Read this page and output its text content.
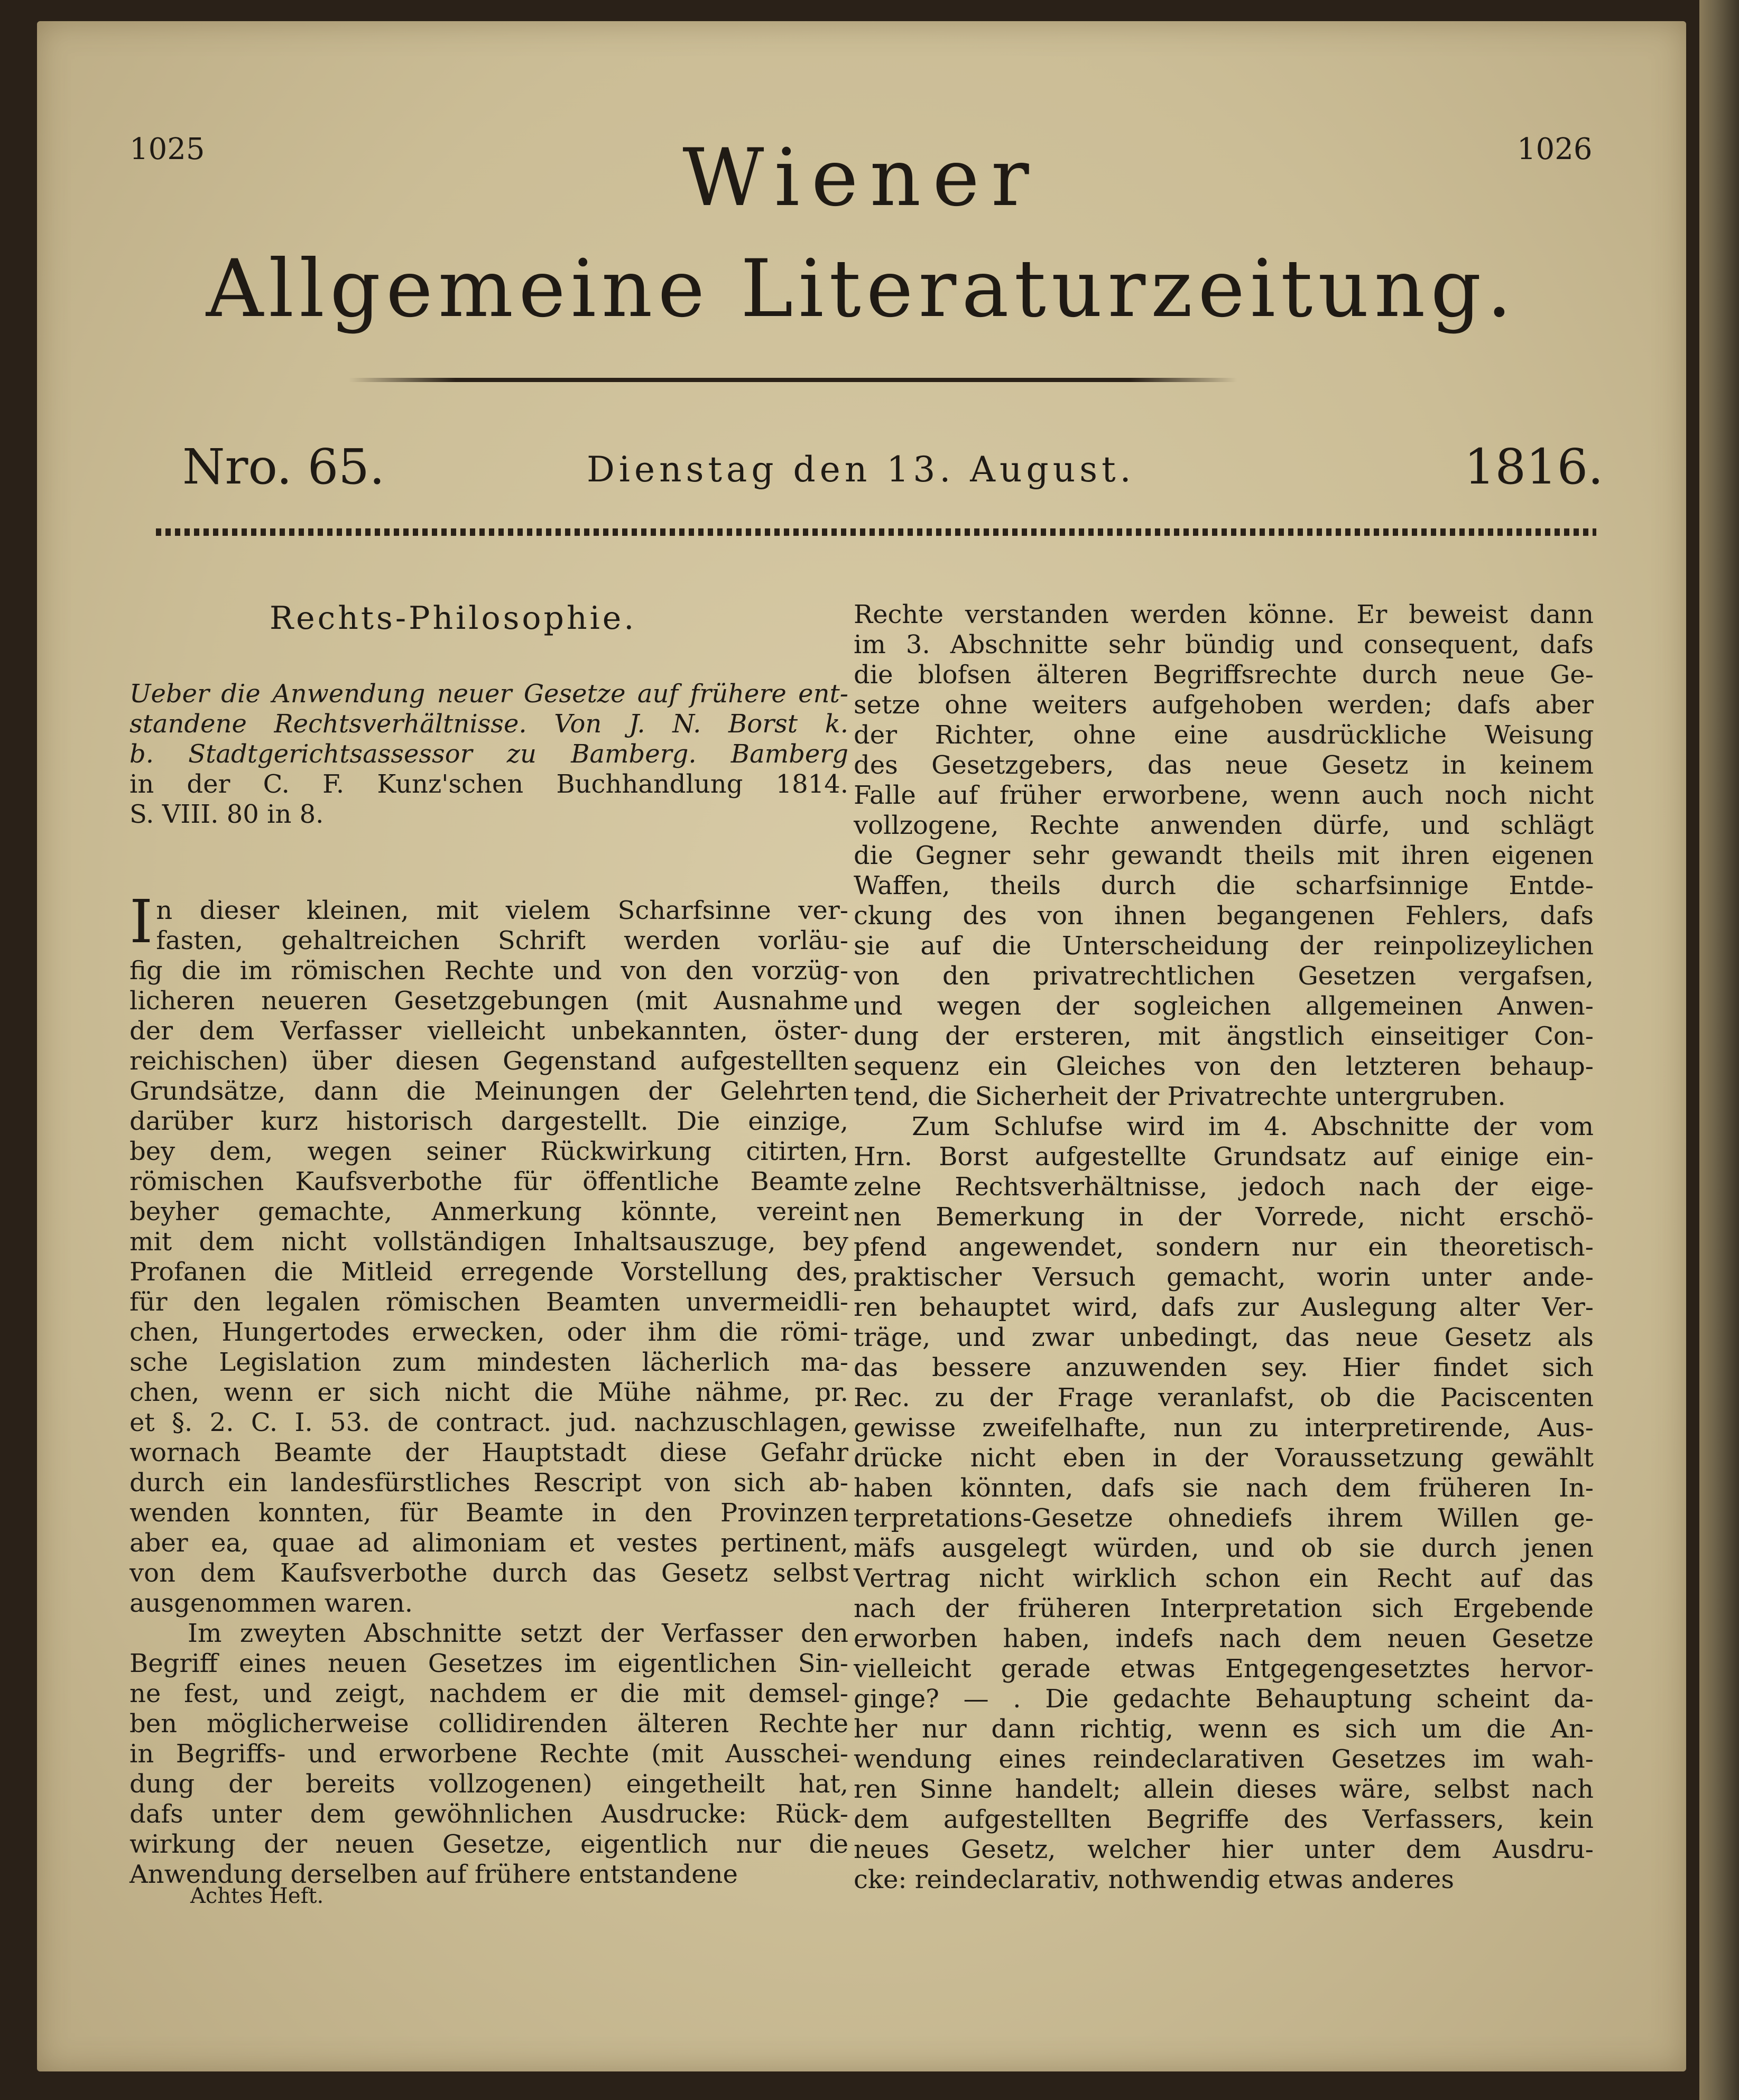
1025	1026
Wiener
Allgemeine Literaturzeitung.
Nro. 65.	Dienstag den 13. August.	1816.
Rechts-Philosophie.
Ueber die Anwendung neuer Gesetze auf frühere ent-
standene Rechtsverhältnisse. Von J. N. Borst k.
b. Stadtgerichtsassessor zu Bamberg. Bamberg
in der C. F. Kunz'schen Buchhandlung 1814.
S. VIII. 80 in 8.
I n dieser kleinen, mit vielem Scharfsinne ver-
fasten, gehaltreichen Schrift werden vorläu-
fig die im römischen Rechte und von den vorzüg-
licheren neueren Gesetzgebungen (mit Ausnahme
der dem Verfasser vielleicht unbekannten, öster-
reichischen) über diesen Gegenstand aufgestellten
Grundsätze, dann die Meinungen der Gelehrten
darüber kurz historisch dargestellt. Die einzige,
bey dem, wegen seiner Rückwirkung citirten,
römischen Kaufsverbothe für öffentliche Beamte
beyher gemachte, Anmerkung könnte, vereint
mit dem nicht vollständigen Inhaltsauszuge, bey
Profanen die Mitleid erregende Vorstellung des,
für den legalen römischen Beamten unvermeidli-
chen, Hungertodes erwecken, oder ihm die römi-
sche Legislation zum mindesten lächerlich ma-
chen, wenn er sich nicht die Mühe nähme, pr.
et §. 2. C. I. 53. de contract. jud. nachzuschlagen,
wornach Beamte der Hauptstadt diese Gefahr
durch ein landesfürstliches Rescript von sich ab-
wenden konnten, für Beamte in den Provinzen
aber ea, quae ad alimoniam et vestes pertinent,
von dem Kaufsverbothe durch das Gesetz selbst
ausgenommen waren.
Im zweyten Abschnitte setzt der Verfasser den
Begriff eines neuen Gesetzes im eigentlichen Sin-
ne fest, und zeigt, nachdem er die mit demsel-
ben möglicherweise collidirenden älteren Rechte
in Begriffs- und erworbene Rechte (mit Ausschei-
dung der bereits vollzogenen) eingetheilt hat,
dafs unter dem gewöhnlichen Ausdrucke: Rück-
wirkung der neuen Gesetze, eigentlich nur die
Anwendung derselben auf frühere entstandene
Rechte verstanden werden könne. Er beweist dann
im 3. Abschnitte sehr bündig und consequent, dafs
die blofsen älteren Begriffsrechte durch neue Ge-
setze ohne weiters aufgehoben werden; dafs aber
der Richter, ohne eine ausdrückliche Weisung
des Gesetzgebers, das neue Gesetz in keinem
Falle auf früher erworbene, wenn auch noch nicht
vollzogene, Rechte anwenden dürfe, und schlägt
die Gegner sehr gewandt theils mit ihren eigenen
Waffen, theils durch die scharfsinnige Entde-
ckung des von ihnen begangenen Fehlers, dafs
sie auf die Unterscheidung der reinpolizeylichen
von den privatrechtlichen Gesetzen vergafsen,
und wegen der sogleichen allgemeinen Anwen-
dung der ersteren, mit ängstlich einseitiger Con-
sequenz ein Gleiches von den letzteren behaup-
tend, die Sicherheit der Privatrechte untergruben.
Zum Schlufse wird im 4. Abschnitte der vom
Hrn. Borst aufgestellte Grundsatz auf einige ein-
zelne Rechtsverhältnisse, jedoch nach der eige-
nen Bemerkung in der Vorrede, nicht erschö-
pfend angewendet, sondern nur ein theoretisch-
praktischer Versuch gemacht, worin unter ande-
ren behauptet wird, dafs zur Auslegung alter Ver-
träge, und zwar unbedingt, das neue Gesetz als
das bessere anzuwenden sey. Hier findet sich
Rec. zu der Frage veranlafst, ob die Paciscenten
gewisse zweifelhafte, nun zu interpretirende, Aus-
drücke nicht eben in der Voraussetzung gewählt
haben könnten, dafs sie nach dem früheren In-
terpretations-Gesetze ohnediefs ihrem Willen ge-
mäfs ausgelegt würden, und ob sie durch jenen
Vertrag nicht wirklich schon ein Recht auf das
nach der früheren Interpretation sich Ergebende
erworben haben, indefs nach dem neuen Gesetze
vielleicht gerade etwas Entgegengesetztes hervor-
ginge? — . Die gedachte Behauptung scheint da-
her nur dann richtig, wenn es sich um die An-
wendung eines reindeclarativen Gesetzes im wah-
ren Sinne handelt; allein dieses wäre, selbst nach
dem aufgestellten Begriffe des Verfassers, kein
neues Gesetz, welcher hier unter dem Ausdru-
cke: reindeclarativ, nothwendig etwas anderes
Achtes Heft.
